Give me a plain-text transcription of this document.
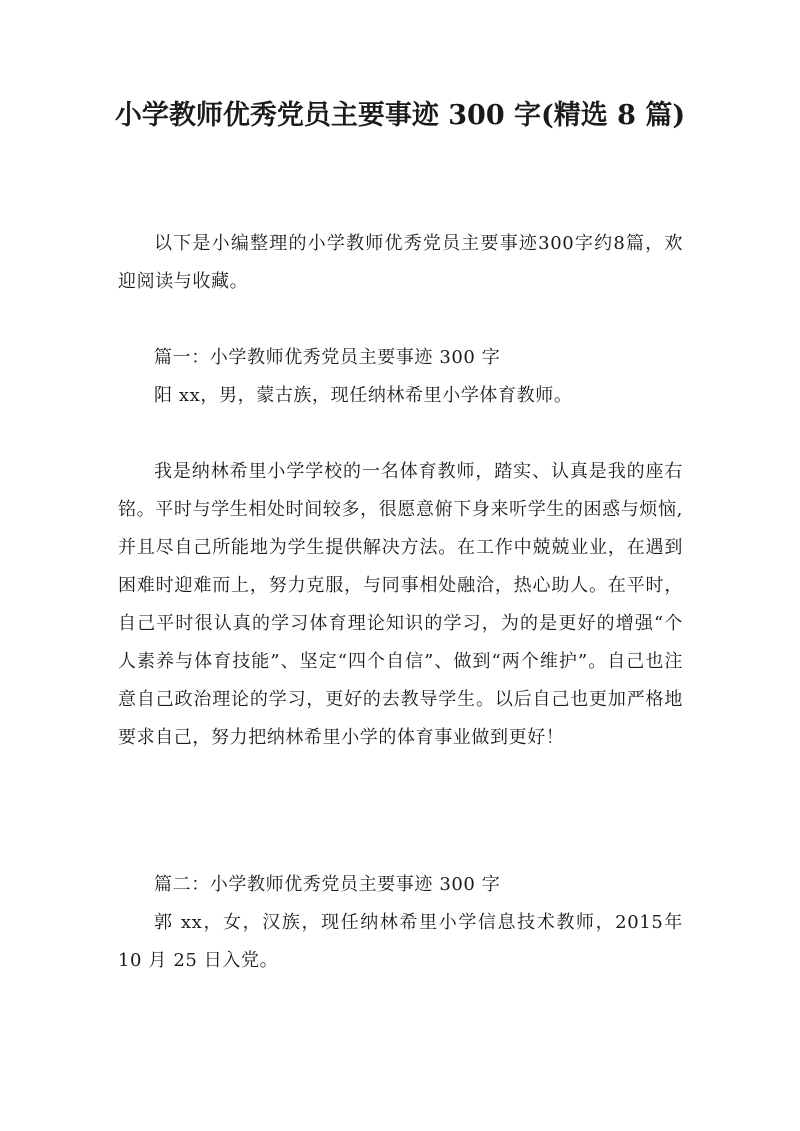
小学教师优秀党员主要事迹 300 字(精选 8 篇)

以下是小编整理的小学教师优秀党员主要事迹300字约8篇，欢迎阅读与收藏。

篇一：小学教师优秀党员主要事迹 300 字

阳 xx，男，蒙古族，现任纳林希里小学体育教师。

我是纳林希里小学学校的一名体育教师，踏实、认真是我的座右铭。平时与学生相处时间较多，很愿意俯下身来听学生的困惑与烦恼,并且尽自己所能地为学生提供解决方法。在工作中兢兢业业，在遇到困难时迎难而上，努力克服，与同事相处融洽，热心助人。在平时，自己平时很认真的学习体育理论知识的学习，为的是更好的增强“个人素养与体育技能”、坚定“四个自信”、做到“两个维护”。自己也注意自己政治理论的学习，更好的去教导学生。以后自己也更加严格地要求自己，努力把纳林希里小学的体育事业做到更好！

篇二：小学教师优秀党员主要事迹 300 字

郭 xx，女，汉族，现任纳林希里小学信息技术教师，2015年 10 月 25 日入党。
